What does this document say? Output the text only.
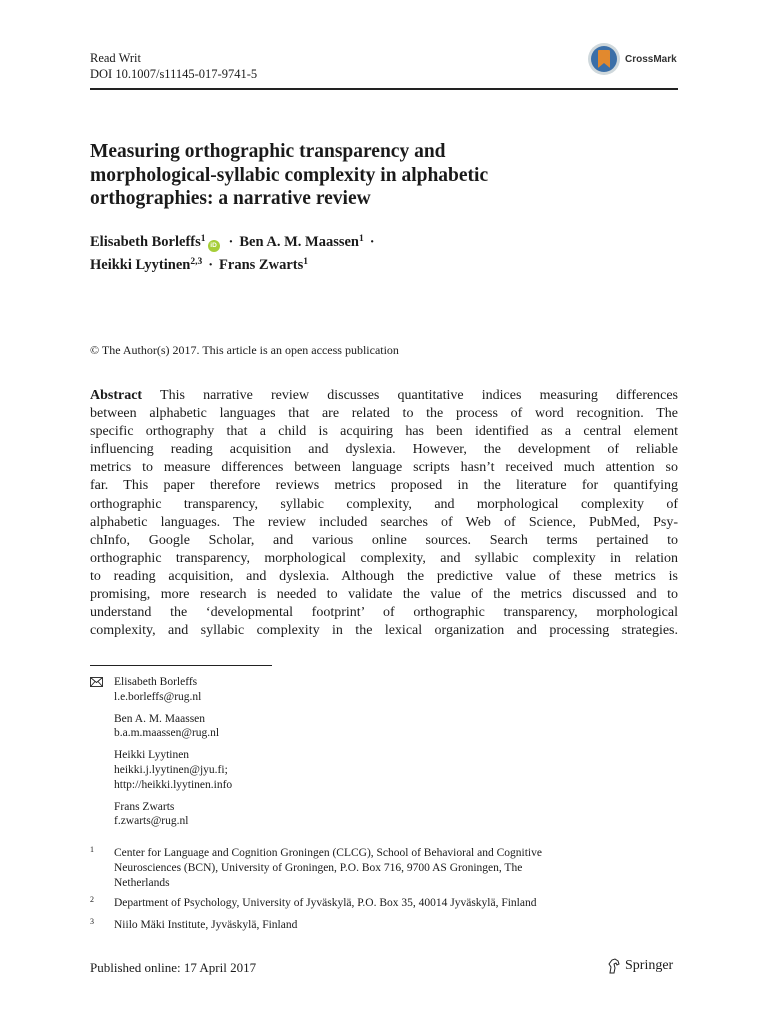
Read Writ
DOI 10.1007/s11145-017-9741-5
CrossMark
Measuring orthographic transparency and
morphological-syllabic complexity in alphabetic
orthographies: a narrative review
Elisabeth Borleffs$^1$
iD · Ben A. M. Maassen$^1$ ·
Heikki Lyytinen$^{2,3}$ · Frans Zwarts$^1$
© The Author(s) 2017. This article is an open access publication
Abstract This narrative review discusses quantitative indices measuring differences
between alphabetic languages that are related to the process of word recognition. The
specific orthography that a child is acquiring has been identified as a central element
influencing reading acquisition and dyslexia. However, the development of reliable
metrics to measure differences between language scripts hasn’t received much attention so
far. This paper therefore reviews metrics proposed in the literature for quantifying
orthographic transparency, syllabic complexity, and morphological complexity of
alphabetic languages. The review included searches of Web of Science, PubMed, Psy-
chInfo, Google Scholar, and various online sources. Search terms pertained to
orthographic transparency, morphological complexity, and syllabic complexity in relation
to reading acquisition, and dyslexia. Although the predictive value of these metrics is
promising, more research is needed to validate the value of the metrics discussed and to
understand the ‘developmental footprint’ of orthographic transparency, morphological
complexity, and syllabic complexity in the lexical organization and processing strategies.
Elisabeth Borleffs
l.e.borleffs@rug.nl
Ben A. M. Maassen
b.a.m.maassen@rug.nl
Heikki Lyytinen
heikki.j.lyytinen@jyu.fi;
http://heikki.lyytinen.info
Frans Zwarts
f.zwarts@rug.nl
1 Center for Language and Cognition Groningen (CLCG), School of Behavioral and Cognitive
Neurosciences (BCN), University of Groningen, P.O. Box 716, 9700 AS Groningen, The
Netherlands
2 Department of Psychology, University of Jyväskylä, P.O. Box 35, 40014 Jyväskylä, Finland
3 Niilo Mäki Institute, Jyväskylä, Finland
Published online: 17 April 2017	Springer
